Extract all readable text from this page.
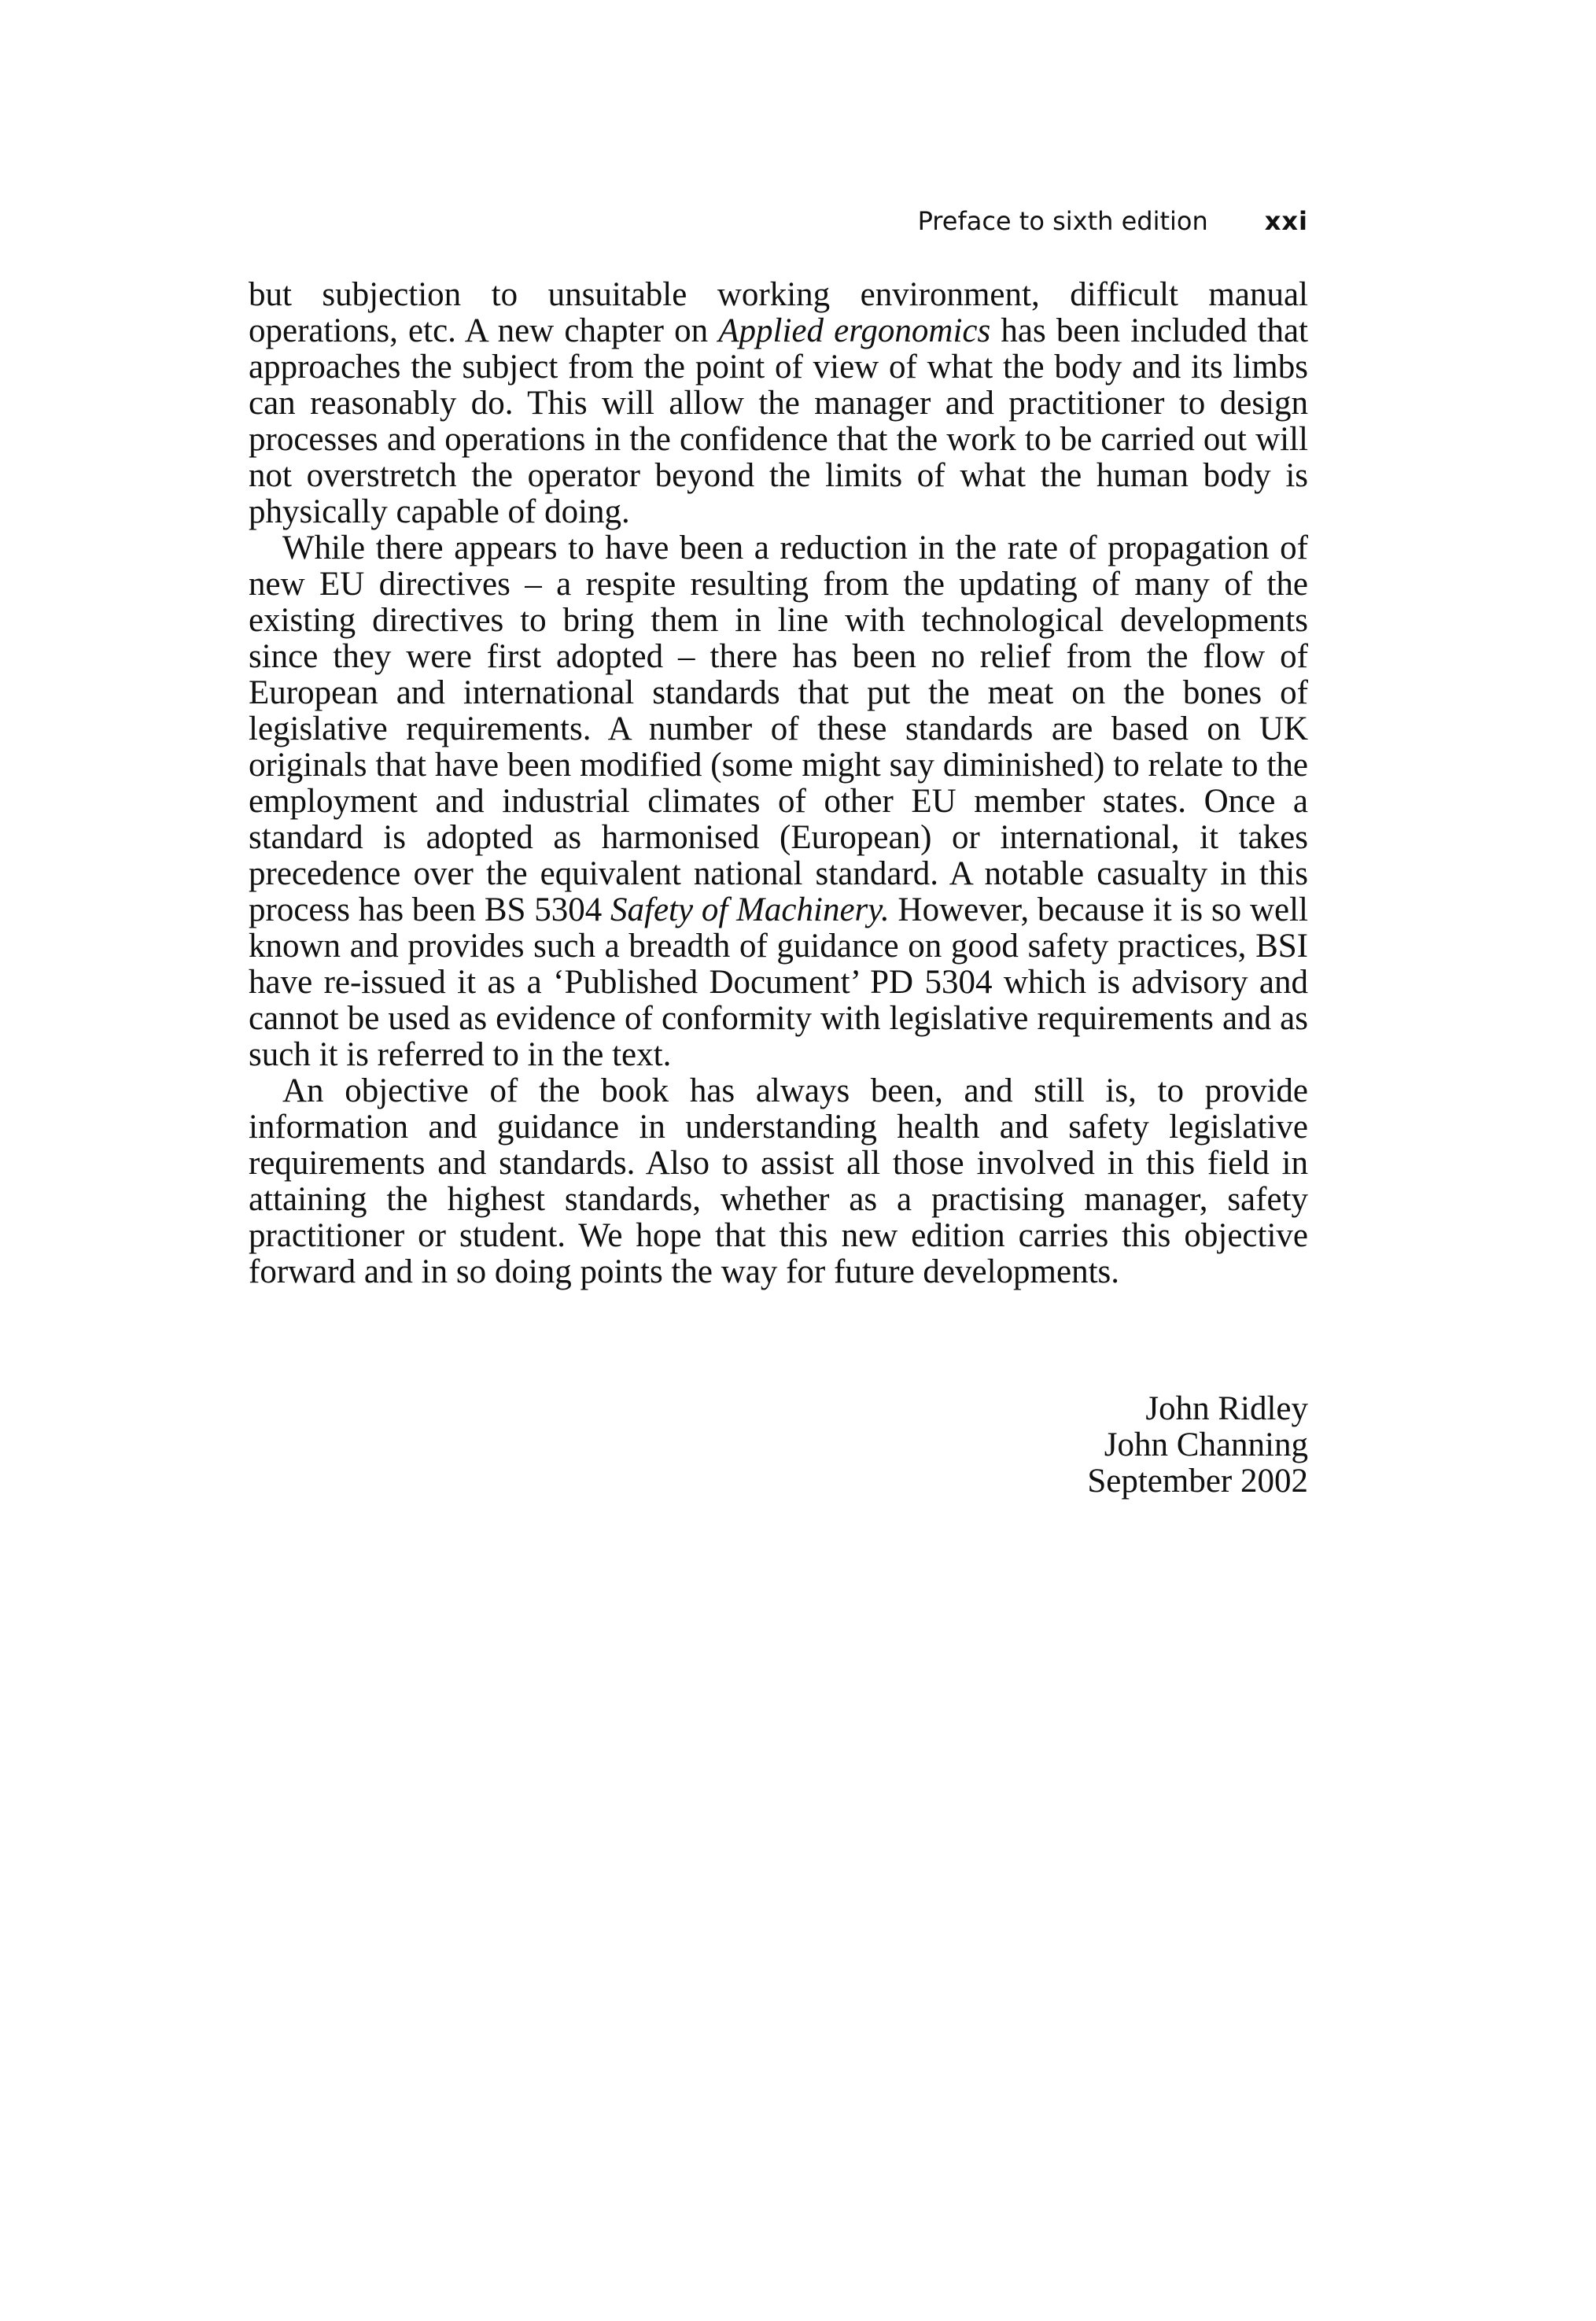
Preface to sixth edition xxi

but subjection to unsuitable working environment, difficult manual operations, etc. A new chapter on Applied ergonomics has been included that approaches the subject from the point of view of what the body and its limbs can reasonably do. This will allow the manager and practitioner to design processes and operations in the confidence that the work to be carried out will not overstretch the operator beyond the limits of what the human body is physically capable of doing.

While there appears to have been a reduction in the rate of propagation of new EU directives – a respite resulting from the updating of many of the existing directives to bring them in line with technological developments since they were first adopted – there has been no relief from the flow of European and international standards that put the meat on the bones of legislative requirements. A number of these standards are based on UK originals that have been modified (some might say diminished) to relate to the employment and industrial climates of other EU member states. Once a standard is adopted as harmonised (European) or international, it takes precedence over the equivalent national standard. A notable casualty in this process has been BS 5304 Safety of Machinery. However, because it is so well known and provides such a breadth of guidance on good safety practices, BSI have re-issued it as a ‘Published Document’ PD 5304 which is advisory and cannot be used as evidence of conformity with legislative requirements and as such it is referred to in the text.

An objective of the book has always been, and still is, to provide information and guidance in understanding health and safety legislative requirements and standards. Also to assist all those involved in this field in attaining the highest standards, whether as a practising manager, safety practitioner or student. We hope that this new edition carries this objective forward and in so doing points the way for future developments.

John Ridley
John Channing
September 2002
